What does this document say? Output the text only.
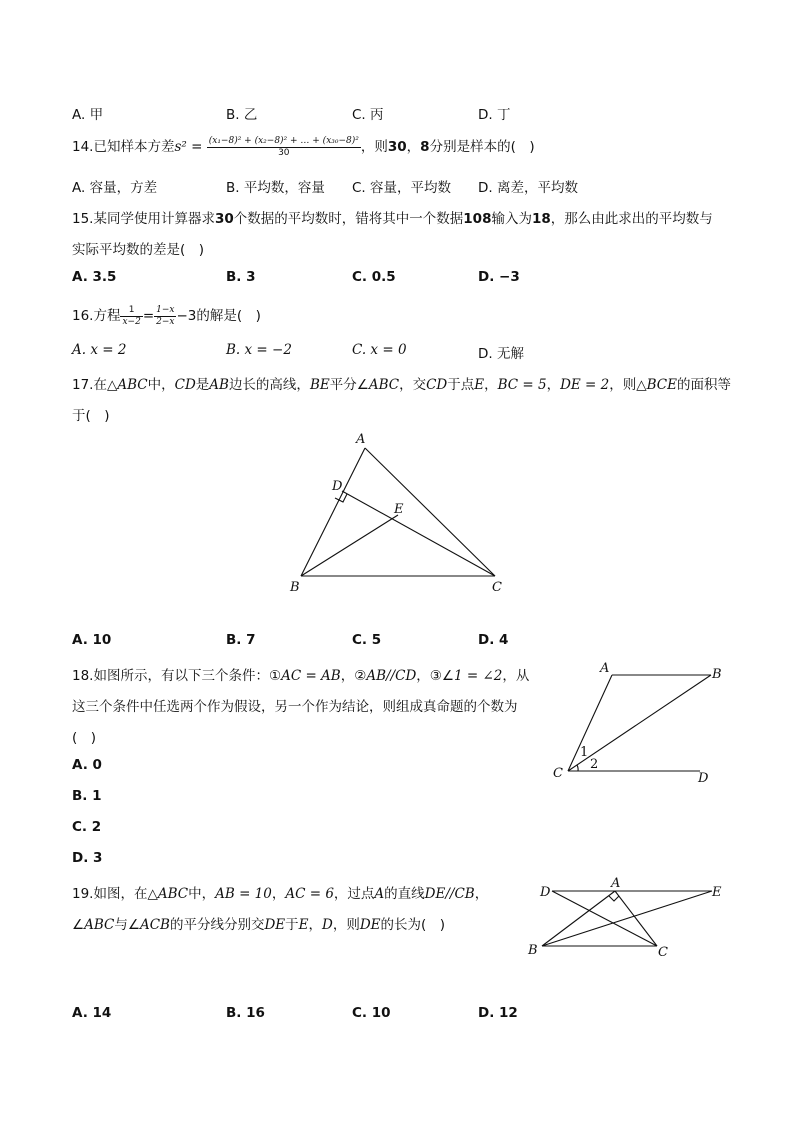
A. 甲	B. 乙	C. 丙	D. 丁
14.已知样本方差$s^2 = \frac{\text{(x₁−8)² + (x₂−8)² + … + (x₃₀−8)²}}{30}$ ，则30，8分别是样本的(　)
A. 容量，方差	B. 平均数，容量 C. 容量，平均数 D. 离差，平均数
15.某同学使用计算器求30个数据的平均数时，错将其中一个数据108输入为18，那么由此求出的平均数与
实际平均数的差是(　)
A. 3.5	B. 3	C. 0.5	D. −3
16.方程 $\frac{1}{x-2} = \frac{1-x}{2-x} -3$的解是(　)
A. x = 2	B. x = −2	C. x = 0	D. 无解
17.在△ABC中，CD是AB边长的高线，BE平分∠ABC，交CD于点E，BC = 5，DE = 2，则△BCE的面积等
于(　)
A
D
E
B	C
A. 10	B. 7	C. 5	D. 4
18.如图所示，有以下三个条件：①AC = AB，②AB//CD，③∠1 = ∠2，从
这三个条件中任选两个作为假设，另一个作为结论，则组成真命题的个数为
(　)
A	B
C	D
1
2
A. 0
B. 1
C. 2
D. 3
19.如图，在△ABC中，AB = 10，AC = 6，过点A的直线DE//CB，
∠ABC与∠ACB的平分线分别交DE于E，D，则DE的长为(　)
D
A
E
B	C
A. 14	B. 16	C. 10	D. 12
